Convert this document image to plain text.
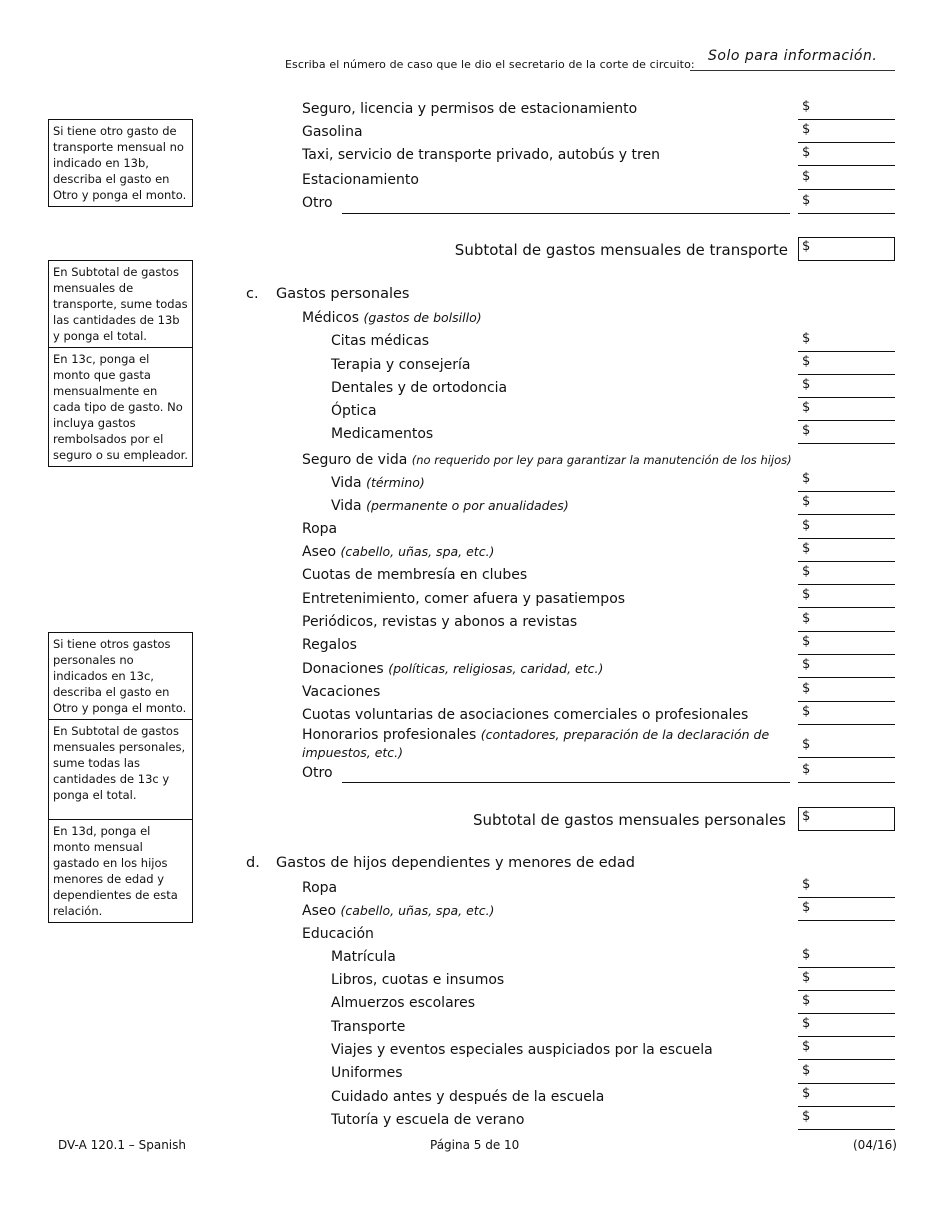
Escriba el número de caso que le dio el secretario de la corte de circuito:
Solo para información.
Si tiene otro gasto de transporte mensual no indicado en 13b, describa el gasto en Otro y ponga el monto.
En Subtotal de gastos mensuales de transporte, sume todas las cantidades de 13b y ponga el total.
En 13c, ponga el monto que gasta mensualmente en cada tipo de gasto. No incluya gastos rembolsados por el seguro o su empleador.
Si tiene otros gastos personales no indicados en 13c, describa el gasto en Otro y ponga el monto.
En Subtotal de gastos mensuales personales, sume todas las cantidades de 13c y ponga el total.
En 13d, ponga el monto mensual gastado en los hijos menores de edad y dependientes de esta relación.
Seguro, licencia y permisos de estacionamiento	$
Gasolina	$
Taxi, servicio de transporte privado, autobús y tren	$
Estacionamiento	$
Otro	$
Subtotal de gastos mensuales de transporte $
c. Gastos personales
Médicos (gastos de bolsillo)
Citas médicas	$
Terapia y consejería	$
Dentales y de ortodoncia	$
Óptica	$
Medicamentos	$
Seguro de vida (no requerido por ley para garantizar la manutención de los hijos)
Vida (término)	$
Vida (permanente o por anualidades)	$
Ropa	$
Aseo (cabello, uñas, spa, etc.)	$
Cuotas de membresía en clubes	$
Entretenimiento, comer afuera y pasatiempos	$
Periódicos, revistas y abonos a revistas	$
Regalos	$
Donaciones (políticas, religiosas, caridad, etc.)	$
Vacaciones	$
Cuotas voluntarias de asociaciones comerciales o profesionales	$
Honorarios profesionales (contadores, preparación de la declaración de impuestos, etc.)
$
Otro	$
Subtotal de gastos mensuales personales $
d. Gastos de hijos dependientes y menores de edad
Ropa	$
Aseo (cabello, uñas, spa, etc.)	$
Educación
Matrícula	$
Libros, cuotas e insumos	$
Almuerzos escolares	$
Transporte	$
Viajes y eventos especiales auspiciados por la escuela	$
Uniformes	$
Cuidado antes y después de la escuela	$
Tutoría y escuela de verano	$
DV-A 120.1 – Spanish	Página 5 de 10	(04/16)
